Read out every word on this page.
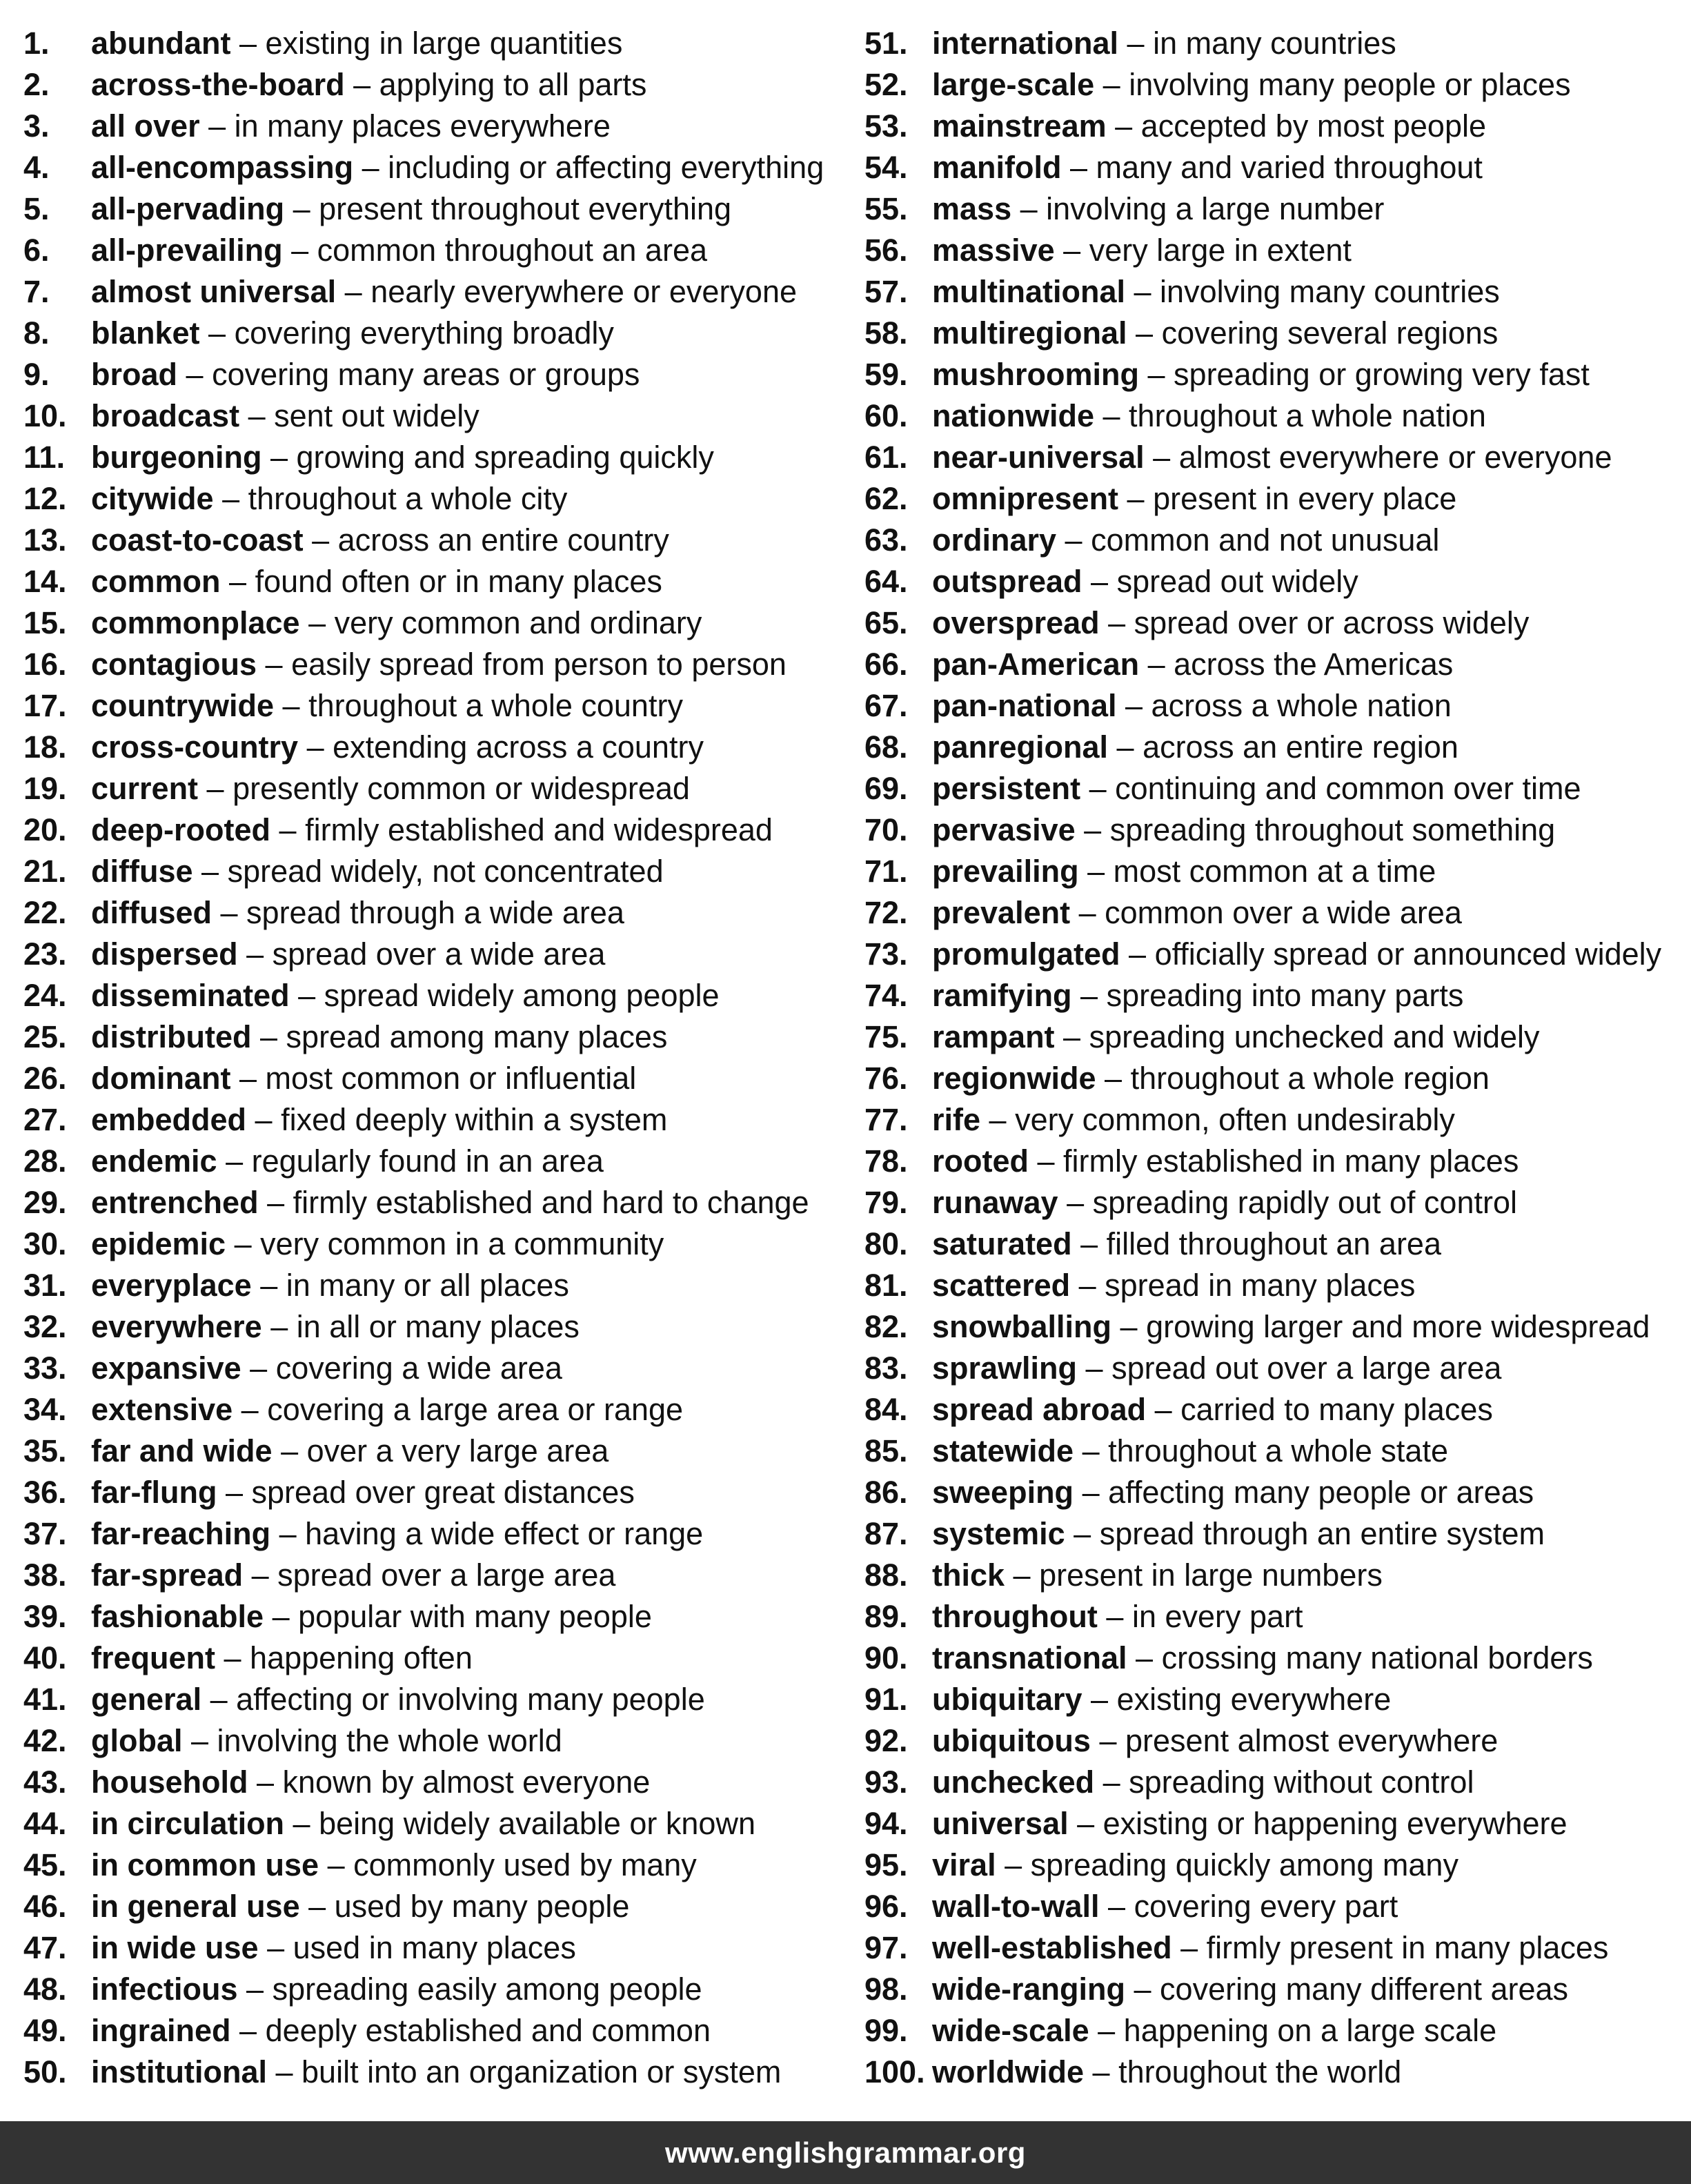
1.	abundant – existing in large quantities
2.	across-the-board – applying to all parts
3.	all over – in many places everywhere
4.	all-encompassing – including or affecting everything
5.	all-pervading – present throughout everything
6.	all-prevailing – common throughout an area
7.	almost universal – nearly everywhere or everyone
8.	blanket – covering everything broadly
9.	broad – covering many areas or groups
10. broadcast – sent out widely
11. burgeoning – growing and spreading quickly
12. citywide – throughout a whole city
13. coast-to-coast – across an entire country
14. common – found often or in many places
15. commonplace – very common and ordinary
16. contagious – easily spread from person to person
17. countrywide – throughout a whole country
18. cross-country – extending across a country
19. current – presently common or widespread
20. deep-rooted – firmly established and widespread
21. diffuse – spread widely, not concentrated
22. diffused – spread through a wide area
23. dispersed – spread over a wide area
24. disseminated – spread widely among people
25. distributed – spread among many places
26. dominant – most common or influential
27. embedded – fixed deeply within a system
28. endemic – regularly found in an area
29. entrenched – firmly established and hard to change
30. epidemic – very common in a community
31. everyplace – in many or all places
32. everywhere – in all or many places
33. expansive – covering a wide area
34. extensive – covering a large area or range
35. far and wide – over a very large area
36. far-flung – spread over great distances
37. far-reaching – having a wide effect or range
38. far-spread – spread over a large area
39. fashionable – popular with many people
40. frequent – happening often
41. general – affecting or involving many people
42. global – involving the whole world
43. household – known by almost everyone
44. in circulation – being widely available or known
45. in common use – commonly used by many
46. in general use – used by many people
47. in wide use – used in many places
48. infectious – spreading easily among people
49. ingrained – deeply established and common
50. institutional – built into an organization or system
51. international – in many countries
52. large-scale – involving many people or places
53. mainstream – accepted by most people
54. manifold – many and varied throughout
55. mass – involving a large number
56. massive – very large in extent
57. multinational – involving many countries
58. multiregional – covering several regions
59. mushrooming – spreading or growing very fast
60. nationwide – throughout a whole nation
61. near-universal – almost everywhere or everyone
62. omnipresent – present in every place
63. ordinary – common and not unusual
64. outspread – spread out widely
65. overspread – spread over or across widely
66. pan-American – across the Americas
67. pan-national – across a whole nation
68. panregional – across an entire region
69. persistent – continuing and common over time
70. pervasive – spreading throughout something
71. prevailing – most common at a time
72. prevalent – common over a wide area
73. promulgated – officially spread or announced widely
74. ramifying – spreading into many parts
75. rampant – spreading unchecked and widely
76. regionwide – throughout a whole region
77. rife – very common, often undesirably
78. rooted – firmly established in many places
79. runaway – spreading rapidly out of control
80. saturated – filled throughout an area
81. scattered – spread in many places
82. snowballing – growing larger and more widespread
83. sprawling – spread out over a large area
84. spread abroad – carried to many places
85. statewide – throughout a whole state
86. sweeping – affecting many people or areas
87. systemic – spread through an entire system
88. thick – present in large numbers
89. throughout – in every part
90. transnational – crossing many national borders
91. ubiquitary – existing everywhere
92. ubiquitous – present almost everywhere
93. unchecked – spreading without control
94. universal – existing or happening everywhere
95. viral – spreading quickly among many
96. wall-to-wall – covering every part
97. well-established – firmly present in many places
98. wide-ranging – covering many different areas
99. wide-scale – happening on a large scale
100. worldwide – throughout the world
www.englishgrammar.org
